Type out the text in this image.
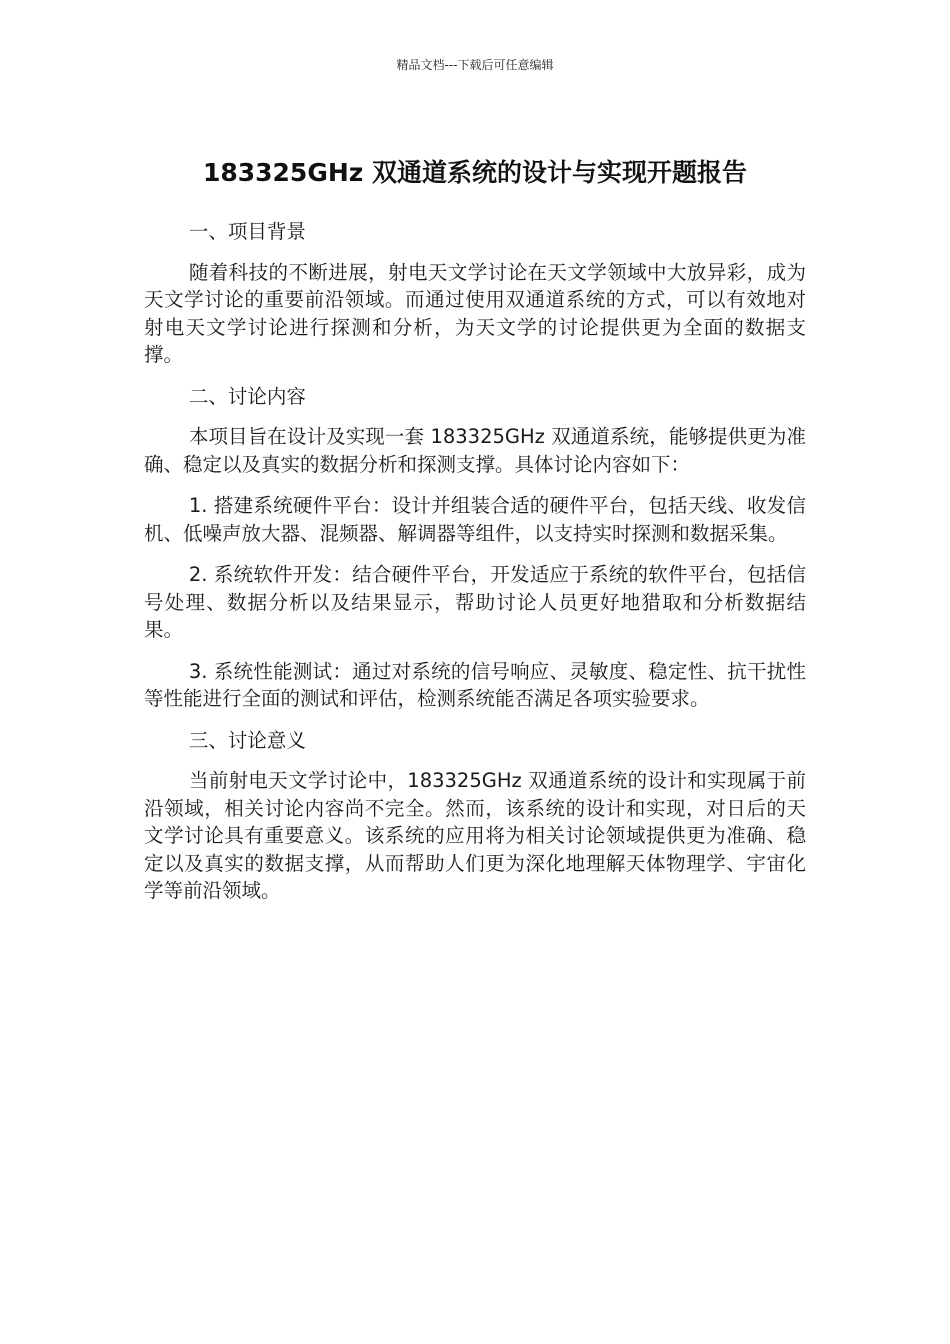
精品文档---下载后可任意编辑
183325GHz 双通道系统的设计与实现开题报告

一、项目背景

随着科技的不断进展，射电天文学讨论在天文学领域中大放异彩，成为天文学讨论的重要前沿领域。而通过使用双通道系统的方式，可以有效地对射电天文学讨论进行探测和分析，为天文学的讨论提供更为全面的数据支撑。

二、讨论内容

本项目旨在设计及实现一套 183325GHz 双通道系统，能够提供更为准确、稳定以及真实的数据分析和探测支撑。具体讨论内容如下：

1. 搭建系统硬件平台：设计并组装合适的硬件平台，包括天线、收发信机、低噪声放大器、混频器、解调器等组件，以支持实时探测和数据采集。

2. 系统软件开发：结合硬件平台，开发适应于系统的软件平台，包括信号处理、数据分析以及结果显示，帮助讨论人员更好地猎取和分析数据结果。

3. 系统性能测试：通过对系统的信号响应、灵敏度、稳定性、抗干扰性等性能进行全面的测试和评估，检测系统能否满足各项实验要求。

三、讨论意义

当前射电天文学讨论中，183325GHz 双通道系统的设计和实现属于前沿领域，相关讨论内容尚不完全。然而，该系统的设计和实现，对日后的天文学讨论具有重要意义。该系统的应用将为相关讨论领域提供更为准确、稳定以及真实的数据支撑，从而帮助人们更为深化地理解天体物理学、宇宙化学等前沿领域。
